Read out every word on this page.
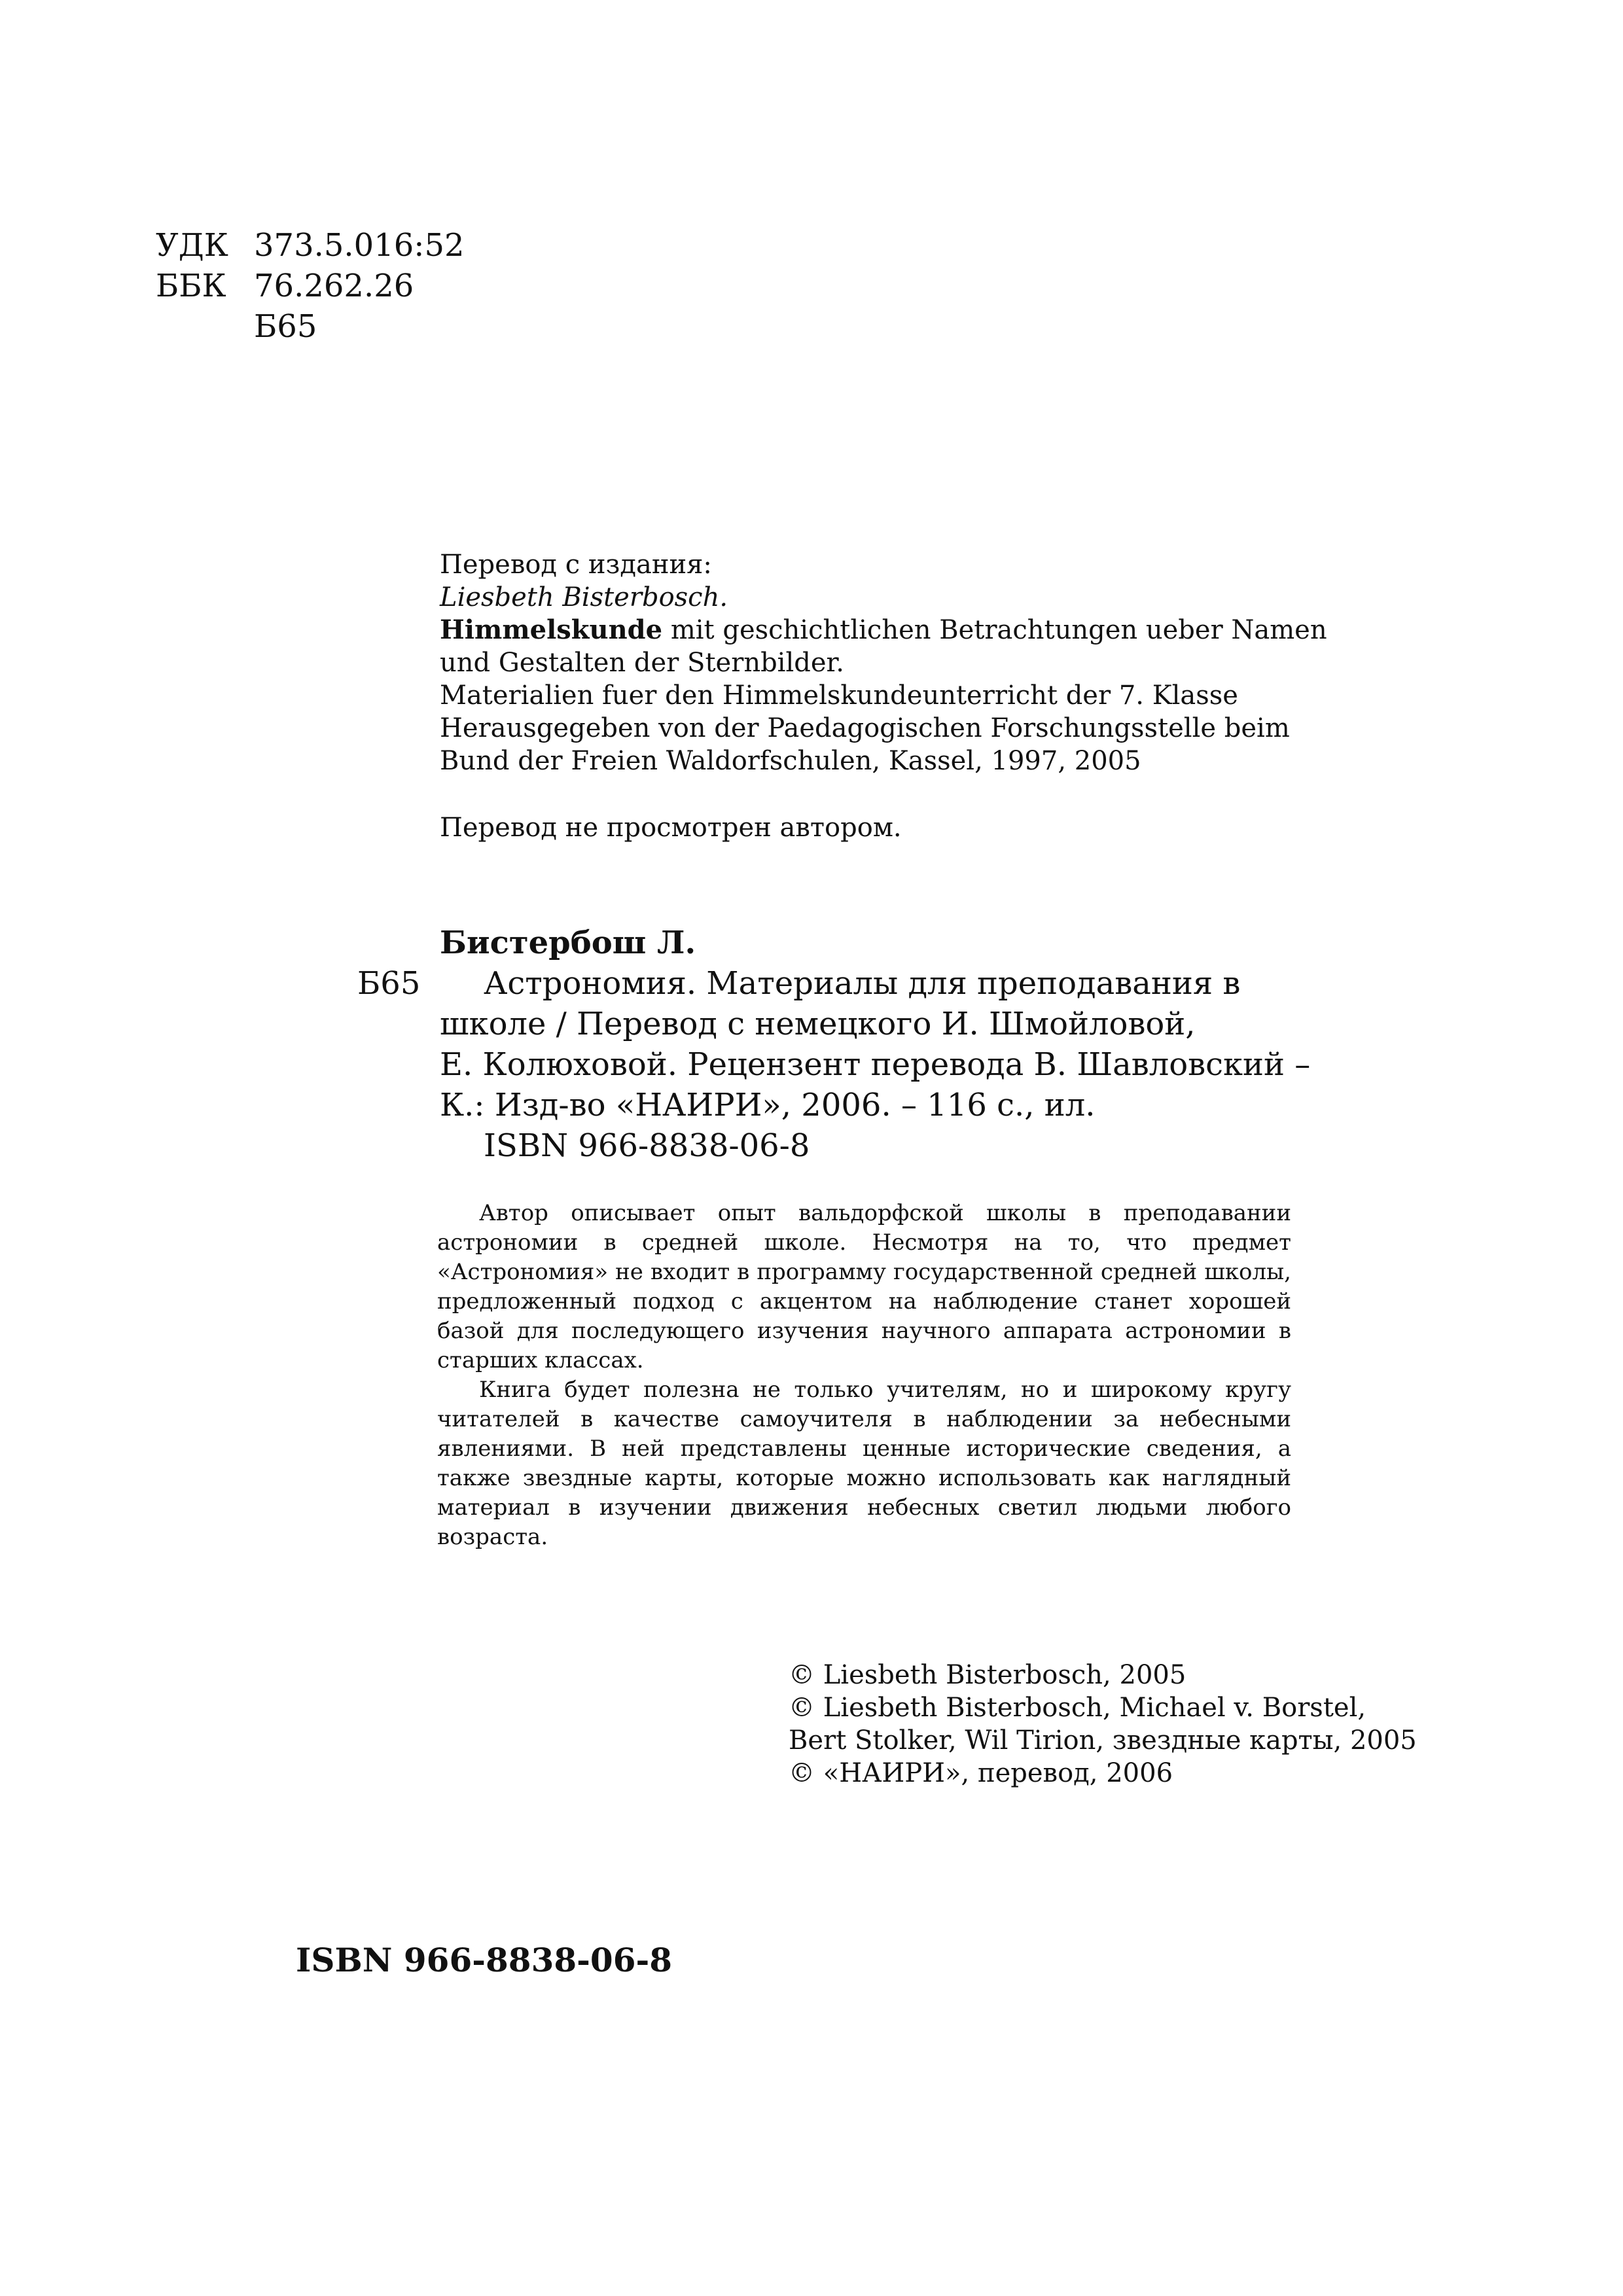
УДК 373.5.016:52
ББК 76.262.26
Б65
Перевод с издания:
Liesbeth Bisterbosch.
Himmelskunde mit geschichtlichen Betrachtungen ueber Namen
und Gestalten der Sternbilder.
Materialien fuer den Himmelskundeunterricht der 7. Klasse
Herausgegeben von der Paedagogischen Forschungsstelle beim
Bund der Freien Waldorfschulen, Kassel, 1997, 2005
Перевод не просмотрен автором.
Бистербош Л.
Б65 Астрономия. Материалы для преподавания в
школе / Перевод с немецкого И. Шмойловой,
Е. Колюховой. Рецензент перевода В. Шавловский –
К.: Изд-во «НАИРИ», 2006. – 116 с., ил.
ISBN 966-8838-06-8

Автор описывает опыт вальдорфской школы в преподавании астрономии в средней школе. Несмотря на то, что предмет «Астрономия» не входит в программу государственной средней школы, предложенный подход с акцентом на наблюдение станет хорошей базой для последующего изучения научного аппарата астрономии в старших классах.

Книга будет полезна не только учителям, но и широкому кругу читателей в качестве самоучителя в наблюдении за небесными явлениями. В ней представлены ценные исторические сведения, а также звездные карты, которые можно использовать как наглядный материал в изучении движения небесных светил людьми любого возраста.

© Liesbeth Bisterbosch, 2005
© Liesbeth Bisterbosch, Michael v. Borstel,
Bert Stolker, Wil Tirion, звездные карты, 2005
© «НАИРИ», перевод, 2006
ISBN 966-8838-06-8
